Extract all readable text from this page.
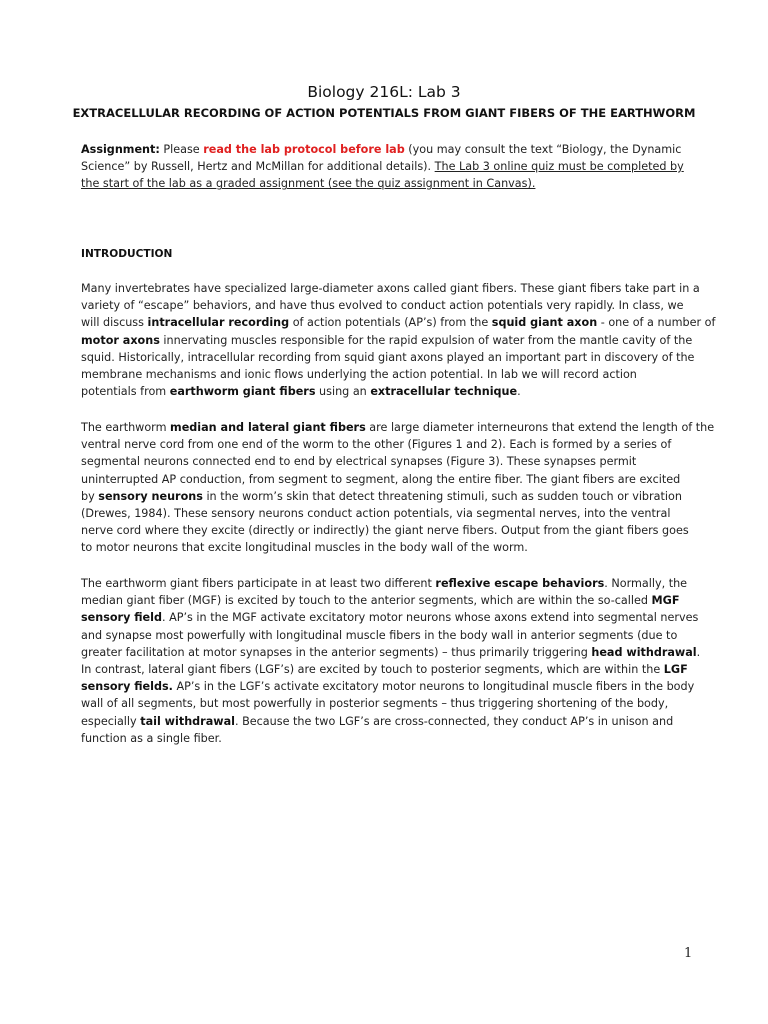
Biology 216L: Lab 3
EXTRACELLULAR RECORDING OF ACTION POTENTIALS FROM GIANT FIBERS OF THE EARTHWORM
Assignment: Please read the lab protocol before lab (you may consult the text “Biology, the Dynamic
Science” by Russell, Hertz and McMillan for additional details). The Lab 3 online quiz must be completed by
the start of the lab as a graded assignment (see the quiz assignment in Canvas).
INTRODUCTION
Many invertebrates have specialized large-diameter axons called giant fibers. These giant fibers take part in a
variety of “escape” behaviors, and have thus evolved to conduct action potentials very rapidly. In class, we
will discuss intracellular recording of action potentials (AP’s) from the squid giant axon - one of a number of
motor axons innervating muscles responsible for the rapid expulsion of water from the mantle cavity of the
squid. Historically, intracellular recording from squid giant axons played an important part in discovery of the
membrane mechanisms and ionic flows underlying the action potential. In lab we will record action
potentials from earthworm giant fibers using an extracellular technique.
The earthworm median and lateral giant fibers are large diameter interneurons that extend the length of the
ventral nerve cord from one end of the worm to the other (Figures 1 and 2). Each is formed by a series of
segmental neurons connected end to end by electrical synapses (Figure 3). These synapses permit
uninterrupted AP conduction, from segment to segment, along the entire fiber. The giant fibers are excited
by sensory neurons in the worm’s skin that detect threatening stimuli, such as sudden touch or vibration
(Drewes, 1984). These sensory neurons conduct action potentials, via segmental nerves, into the ventral
nerve cord where they excite (directly or indirectly) the giant nerve fibers. Output from the giant fibers goes
to motor neurons that excite longitudinal muscles in the body wall of the worm.
The earthworm giant fibers participate in at least two different reflexive escape behaviors. Normally, the
median giant fiber (MGF) is excited by touch to the anterior segments, which are within the so-called MGF
sensory field. AP’s in the MGF activate excitatory motor neurons whose axons extend into segmental nerves
and synapse most powerfully with longitudinal muscle fibers in the body wall in anterior segments (due to
greater facilitation at motor synapses in the anterior segments) – thus primarily triggering head withdrawal.
In contrast, lateral giant fibers (LGF’s) are excited by touch to posterior segments, which are within the LGF
sensory fields. AP’s in the LGF’s activate excitatory motor neurons to longitudinal muscle fibers in the body
wall of all segments, but most powerfully in posterior segments – thus triggering shortening of the body,
especially tail withdrawal. Because the two LGF’s are cross-connected, they conduct AP’s in unison and
function as a single fiber.
1
